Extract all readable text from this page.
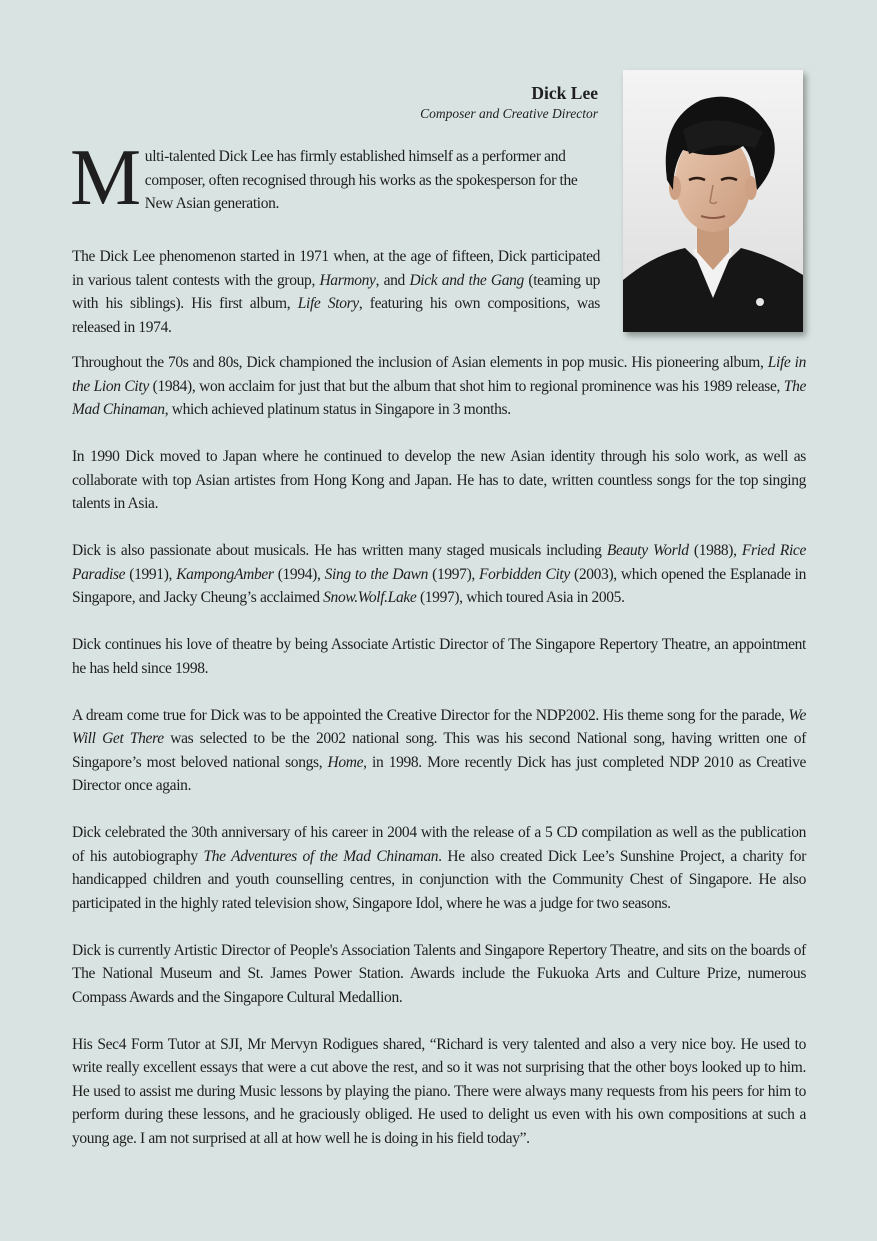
Dick Lee
Composer and Creative Director

Multi-talented Dick Lee has firmly established himself as a performer and composer, often recognised through his works as the spokesperson for the New Asian generation.

The Dick Lee phenomenon started in 1971 when, at the age of fifteen, Dick participated in various talent contests with the group, Harmony, and Dick and the Gang (teaming up with his siblings). His first album, Life Story, featuring his own compositions, was released in 1974.

Throughout the 70s and 80s, Dick championed the inclusion of Asian elements in pop music. His pioneering album, Life in the Lion City (1984), won acclaim for just that but the album that shot him to regional prominence was his 1989 release, The Mad Chinaman, which achieved platinum status in Singapore in 3 months.

In 1990 Dick moved to Japan where he continued to develop the new Asian identity through his solo work, as well as collaborate with top Asian artistes from Hong Kong and Japan. He has to date, written countless songs for the top singing talents in Asia.

Dick is also passionate about musicals. He has written many staged musicals including Beauty World (1988), Fried Rice Paradise (1991), KampongAmber (1994), Sing to the Dawn (1997), Forbidden City (2003), which opened the Esplanade in Singapore, and Jacky Cheung’s acclaimed Snow.Wolf.Lake (1997), which toured Asia in 2005.

Dick continues his love of theatre by being Associate Artistic Director of The Singapore Repertory Theatre, an appointment he has held since 1998.

A dream come true for Dick was to be appointed the Creative Director for the NDP2002. His theme song for the parade, We Will Get There was selected to be the 2002 national song. This was his second National song, having written one of Singapore’s most beloved national songs, Home, in 1998. More recently Dick has just completed NDP 2010 as Creative Director once again.

Dick celebrated the 30th anniversary of his career in 2004 with the release of a 5 CD compilation as well as the publication of his autobiography The Adventures of the Mad Chinaman. He also created Dick Lee’s Sunshine Project, a charity for handicapped children and youth counselling centres, in conjunction with the Community Chest of Singapore. He also participated in the highly rated television show, Singapore Idol, where he was a judge for two seasons.

Dick is currently Artistic Director of People's Association Talents and Singapore Repertory Theatre, and sits on the boards of The National Museum and St. James Power Station. Awards include the Fukuoka Arts and Culture Prize, numerous Compass Awards and the Singapore Cultural Medallion.

His Sec4 Form Tutor at SJI, Mr Mervyn Rodigues shared, “Richard is very talented and also a very nice boy. He used to write really excellent essays that were a cut above the rest, and so it was not surprising that the other boys looked up to him. He used to assist me during Music lessons by playing the piano. There were always many requests from his peers for him to perform during these lessons, and he graciously obliged. He used to delight us even with his own compositions at such a young age. I am not surprised at all at how well he is doing in his field today”.
